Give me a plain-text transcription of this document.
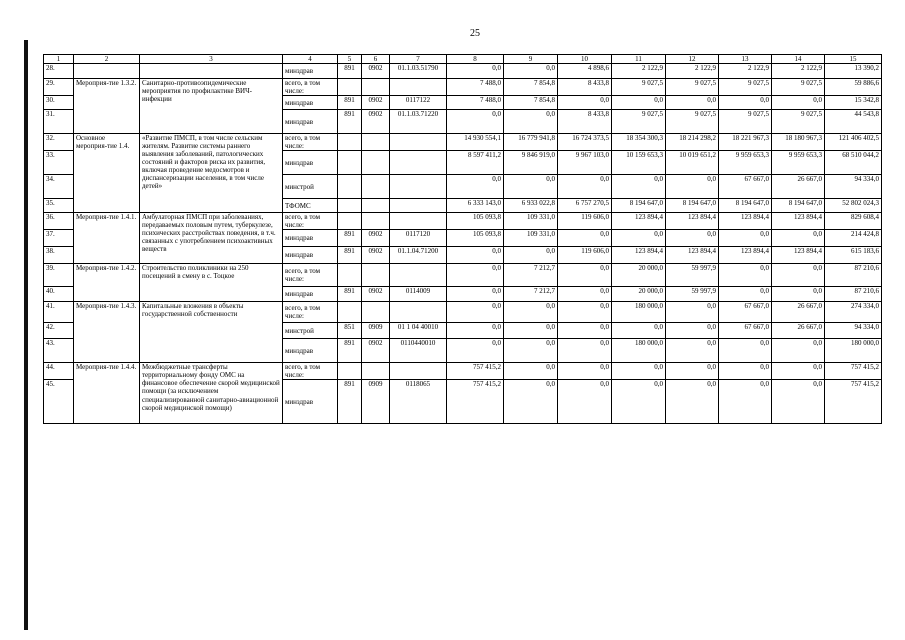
25
1	2	3	4	5	6	7	8	9	10	11	12	13	14	15
28.			минздрав	891	0902	01.1.03.51790	0,0	0,0	4 898,6	2 122,9	2 122,9	2 122,9	2 122,9	13 390,2
29.	Мероприя-тие 1.3.2.	Санитарно-противоэпидемические мероприятия по профилактике ВИЧ-инфекции	всего, в том числе:				7 488,0	7 854,8	8 433,8	9 027,5	9 027,5	9 027,5	9 027,5	59 886,6
30.			минздрав	891	0902	0117122	7 488,0	7 854,8	0,0	0,0	0,0	0,0	0,0	15 342,8
31.			минздрав	891	0902	01.1.03.71220	0,0	0,0	8 433,8	9 027,5	9 027,5	9 027,5	9 027,5	44 543,8
32.	Основное мероприя-тие 1.4.	«Развитие ПМСП, в том числе сельским жителям. Развитие системы раннего выявления заболеваний, патологических состояний и факторов риска их развития, включая проведение медосмотров и диспансеризации населения, в том числе детей»	всего, в том числе:				14 930 554,1	16 779 941,8	16 724 373,5	18 354 300,3	18 214 298,2	18 221 967,3	18 180 967,3	121 406 402,5
33.			минздрав				8 597 411,2	9 846 919,0	9 967 103,0	10 159 653,3	10 019 651,2	9 959 653,3	9 959 653,3	68 510 044,2
34.			минстрой				0,0	0,0	0,0	0,0	0,0	67 667,0	26 667,0	94 334,0
35.			ТФОМС				6 333 143,0	6 933 022,8	6 757 270,5	8 194 647,0	8 194 647,0	8 194 647,0	8 194 647,0	52 802 024,3
36.	Мероприя-тие 1.4.1.	Амбулаторная ПМСП при заболеваниях, передаваемых половым путем, туберкулезе, психических расстройствах поведения, в т.ч. связанных с употреблением психоактивных веществ	всего, в том числе:				105 093,8	109 331,0	119 606,0	123 894,4	123 894,4	123 894,4	123 894,4	829 608,4
37.			минздрав	891	0902	0117120	105 093,8	109 331,0	0,0	0,0	0,0	0,0	0,0	214 424,8
38.			минздрав	891	0902	01.1.04.71200	0,0	0,0	119 606,0	123 894,4	123 894,4	123 894,4	123 894,4	615 183,6
39.	Мероприя-тие 1.4.2.	Строительство поликлиники на 250 посещений в смену в с. Тоцкое	всего, в том числе:				0,0	7 212,7	0,0	20 000,0	59 997,9	0,0	0,0	87 210,6
40.			минздрав	891	0902	0114009	0,0	7 212,7	0,0	20 000,0	59 997,9	0,0	0,0	87 210,6
41.	Мероприя-тие 1.4.3.	Капитальные вложения в объекты государственной собственности	всего, в том числе:				0,0	0,0	0,0	180 000,0	0,0	67 667,0	26 667,0	274 334,0
42.			минстрой	851	0909	01 1 04 40010	0,0	0,0	0,0	0,0	0,0	67 667,0	26 667,0	94 334,0
43.			минздрав	891	0902	0110440010	0,0	0,0	0,0	180 000,0	0,0	0,0	0,0	180 000,0
44.	Мероприя-тие 1.4.4.	Межбюджетные трансферты территориальному фонду ОМС на финансовое обеспечение скорой медицинской помощи (за исключением специализированной санитарно-авиационной скорой медицинской помощи)	всего, в том числе:				757 415,2	0,0	0,0	0,0	0,0	0,0	0,0	757 415,2
45.			минздрав	891	0909	0118065	757 415,2	0,0	0,0	0,0	0,0	0,0	0,0	757 415,2
